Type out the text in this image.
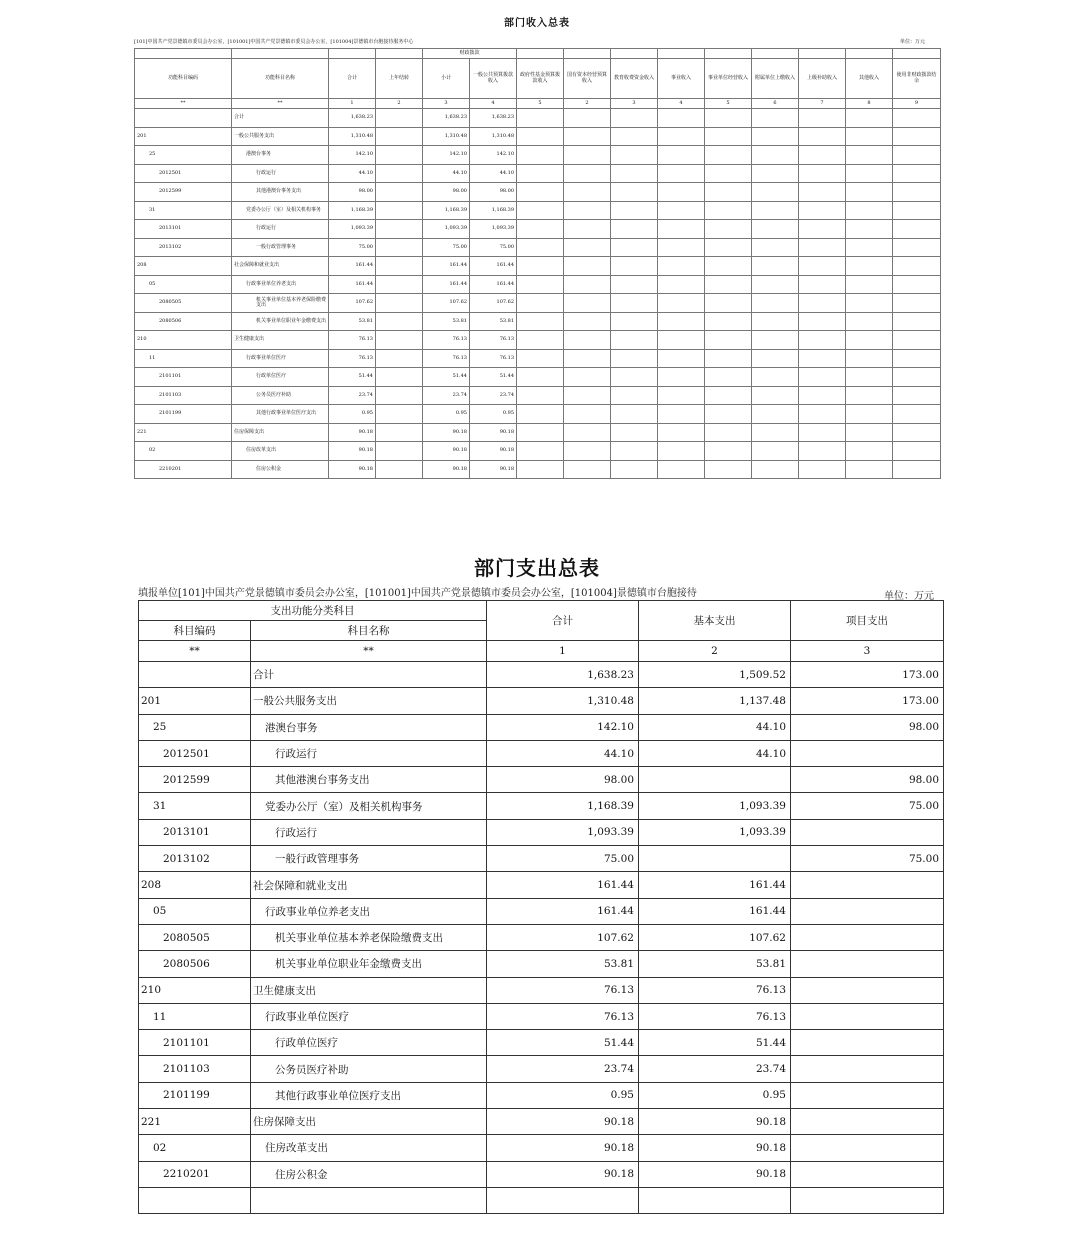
部门收入总表
[101]中国共产党景德镇市委员会办公室，[101001]中国共产党景德镇市委员会办公室，[101004]景德镇市台胞接待服务中心	单位：万元
				财政拨款										
功能科目编码	功能科目名称	合计	上年结转	小计	一般公共预算拨款收入	政府性基金预算拨款收入	国有资本经营预算收入	教育收费资金收入	事业收入	事业单位经营收入	附属单位上缴收入	上级补助收入	其他收入	使用非财政拨款结余
**	**	1	2	3	4	5	2	3	4	5	6	7	8	9
	合计	1,638.23		1,638.23	1,638.23									
201	一般公共服务支出	1,310.48		1,310.48	1,310.48									
25	港澳台事务	142.10		142.10	142.10									
2012501	行政运行	44.10		44.10	44.10									
2012599	其他港澳台事务支出	98.00		98.00	98.00									
31	党委办公厅（室）及相关机构事务	1,168.39		1,168.39	1,168.39									
2013101	行政运行	1,093.39		1,093.39	1,093.39									
2013102	一般行政管理事务	75.00		75.00	75.00									
208	社会保障和就业支出	161.44		161.44	161.44									
05	行政事业单位养老支出	161.44		161.44	161.44									
2080505	机关事业单位基本养老保险缴费支出	107.62		107.62	107.62									
2080506	机关事业单位职业年金缴费支出	53.81		53.81	53.81									
210	卫生健康支出	76.13		76.13	76.13									
11	行政事业单位医疗	76.13		76.13	76.13									
2101101	行政单位医疗	51.44		51.44	51.44									
2101103	公务员医疗补助	23.74		23.74	23.74									
2101199	其他行政事业单位医疗支出	0.95		0.95	0.95									
221	住房保障支出	90.18		90.18	90.18									
02	住房改革支出	90.18		90.18	90.18									
2210201	住房公积金	90.18		90.18	90.18									
部门支出总表
填报单位[101]中国共产党景德镇市委员会办公室，[101001]中国共产党景德镇市委员会办公室，[101004]景德镇市台胞接待	单位：万元
支出功能分类科目		合计	基本支出	项目支出
科目编码	科目名称			
**	**	1	2	3
	合计	1,638.23	1,509.52	173.00
201	一般公共服务支出	1,310.48	1,137.48	173.00
25	港澳台事务	142.10	44.10	98.00
2012501	行政运行	44.10	44.10	
2012599	其他港澳台事务支出	98.00		98.00
31	党委办公厅（室）及相关机构事务	1,168.39	1,093.39	75.00
2013101	行政运行	1,093.39	1,093.39	
2013102	一般行政管理事务	75.00		75.00
208	社会保障和就业支出	161.44	161.44	
05	行政事业单位养老支出	161.44	161.44	
2080505	机关事业单位基本养老保险缴费支出	107.62	107.62	
2080506	机关事业单位职业年金缴费支出	53.81	53.81	
210	卫生健康支出	76.13	76.13	
11	行政事业单位医疗	76.13	76.13	
2101101	行政单位医疗	51.44	51.44	
2101103	公务员医疗补助	23.74	23.74	
2101199	其他行政事业单位医疗支出	0.95	0.95	
221	住房保障支出	90.18	90.18	
02	住房改革支出	90.18	90.18	
2210201	住房公积金	90.18	90.18	
